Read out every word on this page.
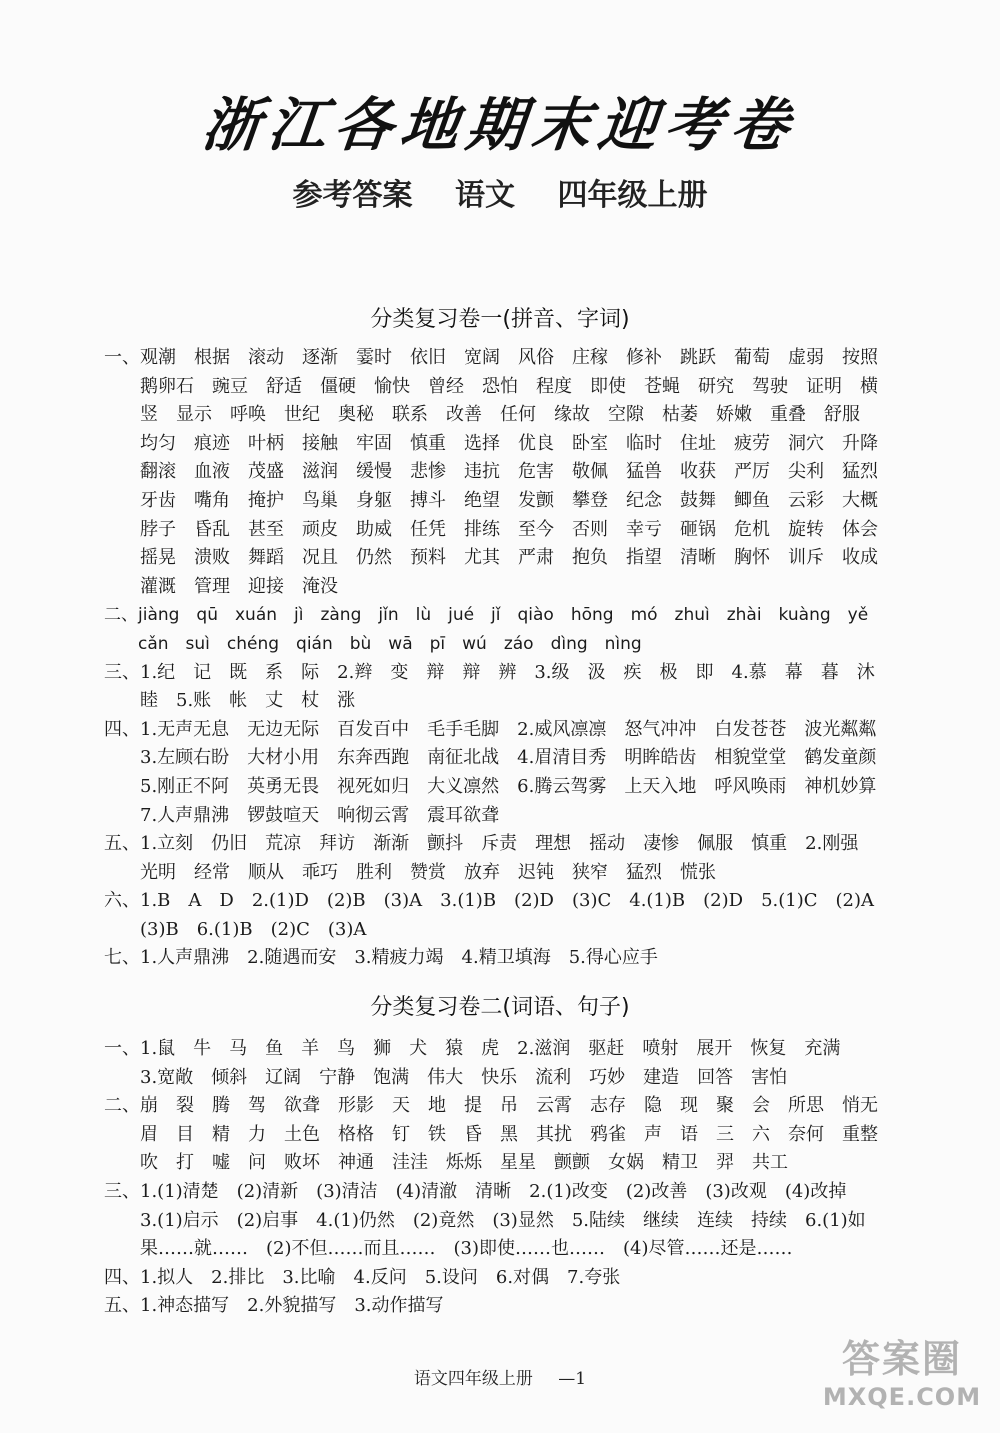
浙江各地期末迎考卷
参考答案 语文 四年级上册
分类复习卷一(拼音、字词)
一、观潮　根据　滚动　逐渐　霎时　依旧　宽阔　风俗　庄稼　修补　跳跃　葡萄　虚弱　按照
　　鹅卵石　豌豆　舒适　僵硬　愉快　曾经　恐怕　程度　即使　苍蝇　研究　驾驶　证明　横
　　竖　显示　呼唤　世纪　奥秘　联系　改善　任何　缘故　空隙　枯萎　娇嫩　重叠　舒服
　　均匀　痕迹　叶柄　接触　牢固　慎重　选择　优良　卧室　临时　住址　疲劳　洞穴　升降
　　翻滚　血液　茂盛　滋润　缓慢　悲惨　违抗　危害　敬佩　猛兽　收获　严厉　尖利　猛烈
　　牙齿　嘴角　掩护　鸟巢　身躯　搏斗　绝望　发颤　攀登　纪念　鼓舞　鲫鱼　云彩　大概
　　脖子　昏乱　甚至　顽皮　助威　任凭　排练　至今　否则　幸亏　砸锅　危机　旋转　体会
　　摇晃　溃败　舞蹈　况且　仍然　预料　尤其　严肃　抱负　指望　清晰　胸怀　训斥　收成
　　灌溉　管理　迎接　淹没
二、jiàng　qū　xuán　jì　zàng　jǐn　lù　jué　jǐ　qiào　hōng　mó　zhuì　zhài　kuàng　yě
　　cǎn　suì　chéng　qián　bù　wā　pī　wú　záo　dìng　nìng
三、1.纪　记　既　系　际　2.辫　变　辩　辩　辨　3.级　汲　疾　极　即　4.慕　幕　暮　沐
　　睦　5.账　帐　丈　杖　涨
四、1.无声无息　无边无际　百发百中　毛手毛脚　2.威风凛凛　怒气冲冲　白发苍苍　波光粼粼
　　3.左顾右盼　大材小用　东奔西跑　南征北战　4.眉清目秀　明眸皓齿　相貌堂堂　鹤发童颜
　　5.刚正不阿　英勇无畏　视死如归　大义凛然　6.腾云驾雾　上天入地　呼风唤雨　神机妙算
　　7.人声鼎沸　锣鼓喧天　响彻云霄　震耳欲聋
五、1.立刻　仍旧　荒凉　拜访　渐渐　颤抖　斥责　理想　摇动　凄惨　佩服　慎重　2.刚强
　　光明　经常　顺从　乖巧　胜利　赞赏　放弃　迟钝　狭窄　猛烈　慌张
六、1.B　A　D　2.(1)D　(2)B　(3)A　3.(1)B　(2)D　(3)C　4.(1)B　(2)D　5.(1)C　(2)A
　　(3)B　6.(1)B　(2)C　(3)A
七、1.人声鼎沸　2.随遇而安　3.精疲力竭　4.精卫填海　5.得心应手
分类复习卷二(词语、句子)
一、1.鼠　牛　马　鱼　羊　鸟　狮　犬　猿　虎　2.滋润　驱赶　喷射　展开　恢复　充满
　　3.宽敞　倾斜　辽阔　宁静　饱满　伟大　快乐　流利　巧妙　建造　回答　害怕
二、崩　裂　腾　驾　欲聋　形影　天　地　提　吊　云霄　志存　隐　现　聚　会　所思　悄无
　　眉　目　精　力　土色　格格　钉　铁　昏　黑　其扰　鸦雀　声　语　三　六　奈何　重整
　　吹　打　嘘　问　败坏　神通　洼洼　烁烁　星星　颤颤　女娲　精卫　羿　共工
三、1.(1)清楚　(2)清新　(3)清洁　(4)清澈　清晰　2.(1)改变　(2)改善　(3)改观　(4)改掉
　　3.(1)启示　(2)启事　4.(1)仍然　(2)竟然　(3)显然　5.陆续　继续　连续　持续　6.(1)如
　　果……就……　(2)不但……而且……　(3)即使……也……　(4)尽管……还是……
四、1.拟人　2.排比　3.比喻　4.反问　5.设问　6.对偶　7.夸张
五、1.神态描写　2.外貌描写　3.动作描写
语文四年级上册 —1	答案圈
MXQE.COM
